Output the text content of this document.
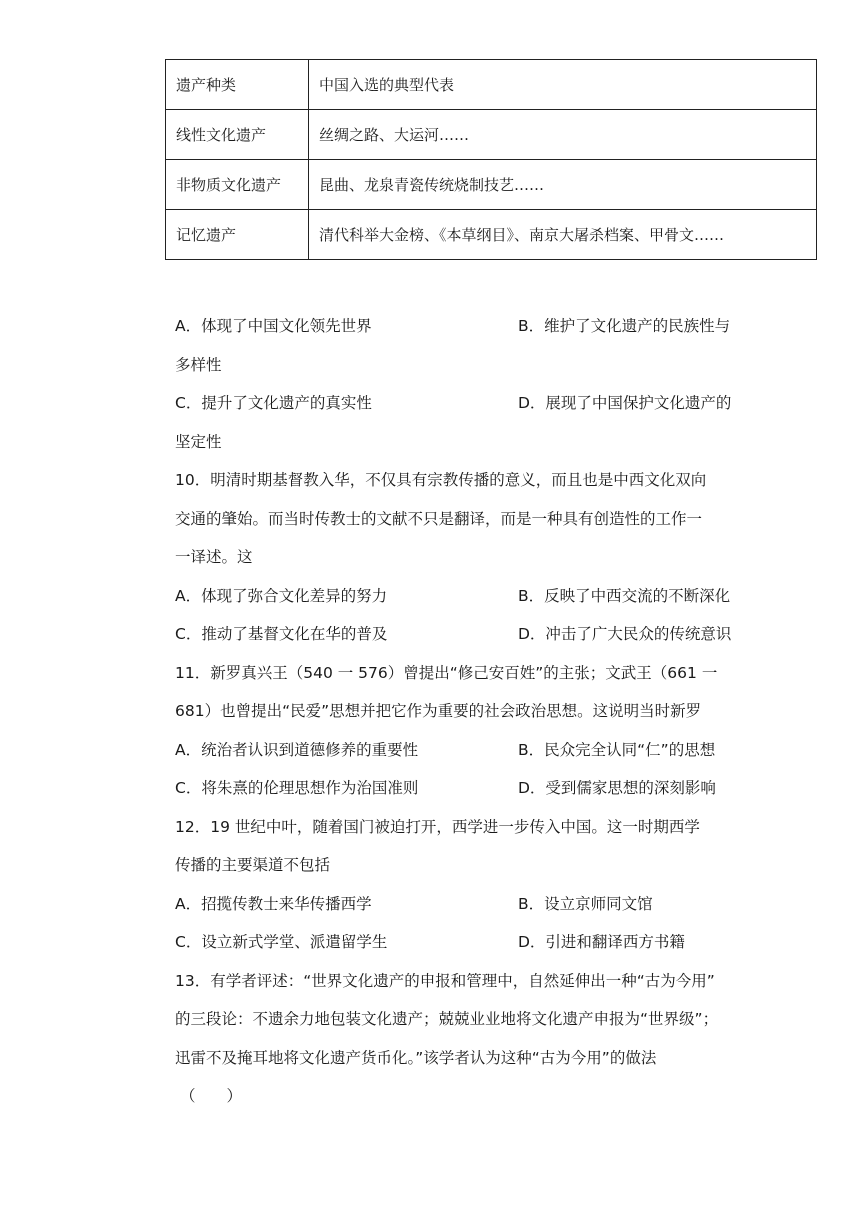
遗产种类	中国入选的典型代表
线性文化遗产	丝绸之路、大运河……
非物质文化遗产	昆曲、龙泉青瓷传统烧制技艺……
记忆遗产	清代科举大金榜、《本草纲目》、南京大屠杀档案、甲骨文……
A．体现了中国文化领先世界	B．维护了文化遗产的民族性与
多样性
C．提升了文化遗产的真实性	D．展现了中国保护文化遗产的
坚定性
10．明清时期基督教入华，不仅具有宗教传播的意义，而且也是中西文化双向
交通的肇始。而当时传教士的文献不只是翻译，而是一种具有创造性的工作一
一译述。这
A．体现了弥合文化差异的努力	B．反映了中西交流的不断深化
C．推动了基督文化在华的普及	D．冲击了广大民众的传统意识
11．新罗真兴王（540 一 576）曾提出“修己安百姓”的主张；文武王（661 一
681）也曾提出“民爱”思想并把它作为重要的社会政治思想。这说明当时新罗
A．统治者认识到道德修养的重要性	B．民众完全认同“仁”的思想
C．将朱熹的伦理思想作为治国准则	D．受到儒家思想的深刻影响
12．19 世纪中叶，随着国门被迫打开，西学进一步传入中国。这一时期西学
传播的主要渠道不包括
A．招揽传教士来华传播西学	B．设立京师同文馆
C．设立新式学堂、派遣留学生	D．引进和翻译西方书籍
13．有学者评述：“世界文化遗产的申报和管理中，自然延伸出一种“古为今用”
的三段论：不遗余力地包装文化遗产；兢兢业业地将文化遗产申报为“世界级”；
迅雷不及掩耳地将文化遗产货币化。”该学者认为这种“古为今用”的做法
（　　）
